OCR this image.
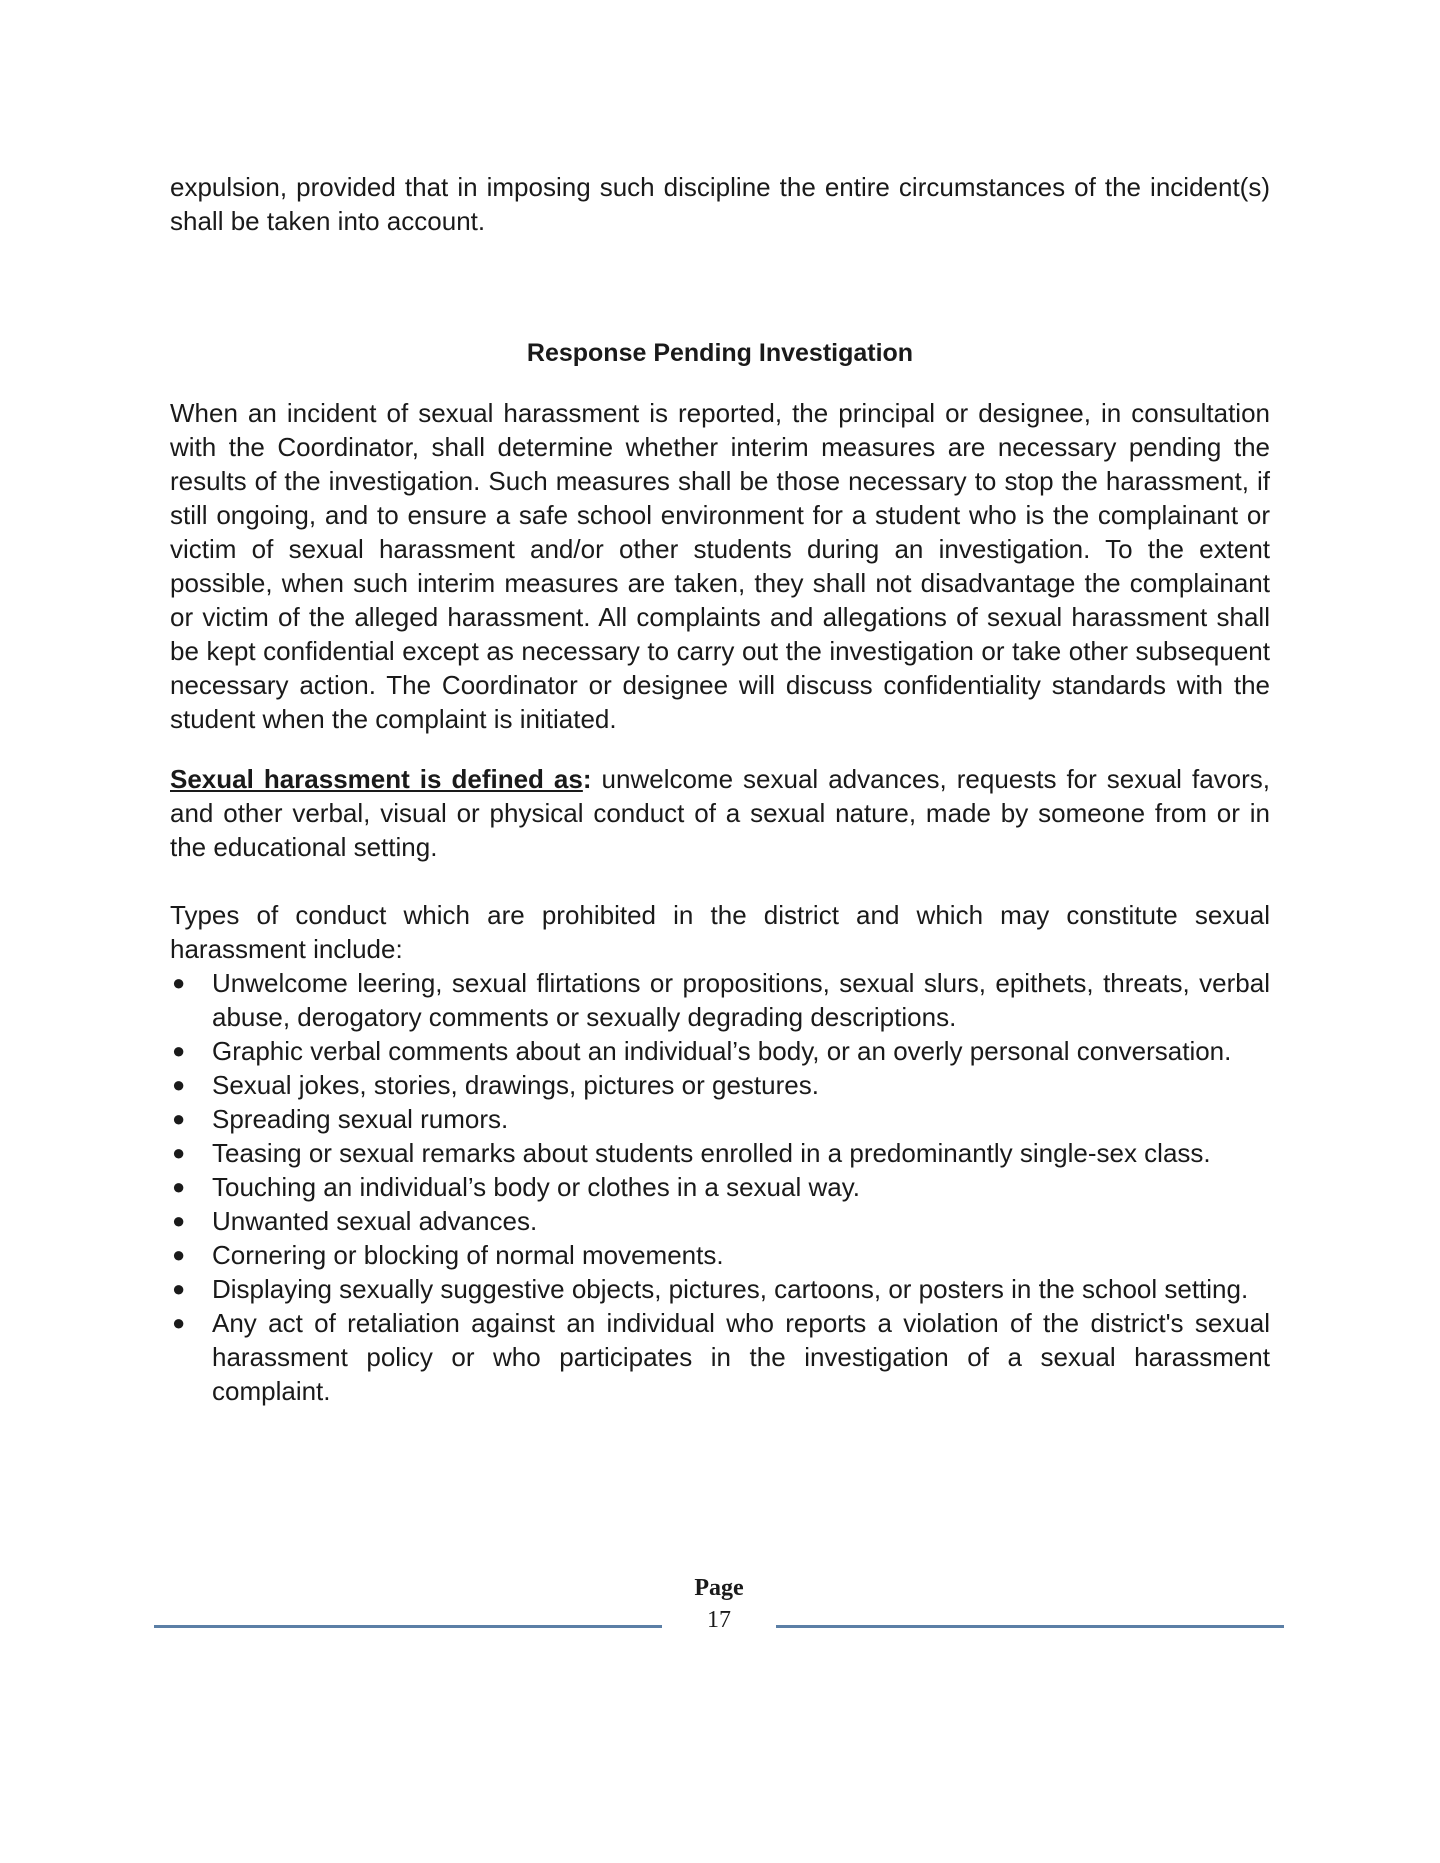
expulsion, provided that in imposing such discipline the entire circumstances of the incident(s) shall be taken into account.

Response Pending Investigation

When an incident of sexual harassment is reported, the principal or designee, in consultation with the Coordinator, shall determine whether interim measures are necessary pending the results of the investigation. Such measures shall be those necessary to stop the harassment, if still ongoing, and to ensure a safe school environment for a student who is the complainant or victim of sexual harassment and/or other students during an investigation. To the extent possible, when such interim measures are taken, they shall not disadvantage the complainant or victim of the alleged harassment. All complaints and allegations of sexual harassment shall be kept confidential except as necessary to carry out the investigation or take other subsequent necessary action. The Coordinator or designee will discuss confidentiality standards with the student when the complaint is initiated.

Sexual harassment is defined as: unwelcome sexual advances, requests for sexual favors, and other verbal, visual or physical conduct of a sexual nature, made by someone from or in the educational setting.

Types of conduct which are prohibited in the district and which may constitute sexual harassment include:

● Unwelcome leering, sexual flirtations or propositions, sexual slurs, epithets, threats, verbal abuse, derogatory comments or sexually degrading descriptions.
● Graphic verbal comments about an individual’s body, or an overly personal conversation.
● Sexual jokes, stories, drawings, pictures or gestures.
● Spreading sexual rumors.
● Teasing or sexual remarks about students enrolled in a predominantly single-sex class.
● Touching an individual’s body or clothes in a sexual way.
● Unwanted sexual advances.
● Cornering or blocking of normal movements.
● Displaying sexually suggestive objects, pictures, cartoons, or posters in the school setting.
● Any act of retaliation against an individual who reports a violation of the district's sexual harassment policy or who participates in the investigation of a sexual harassment complaint.
Page
17
